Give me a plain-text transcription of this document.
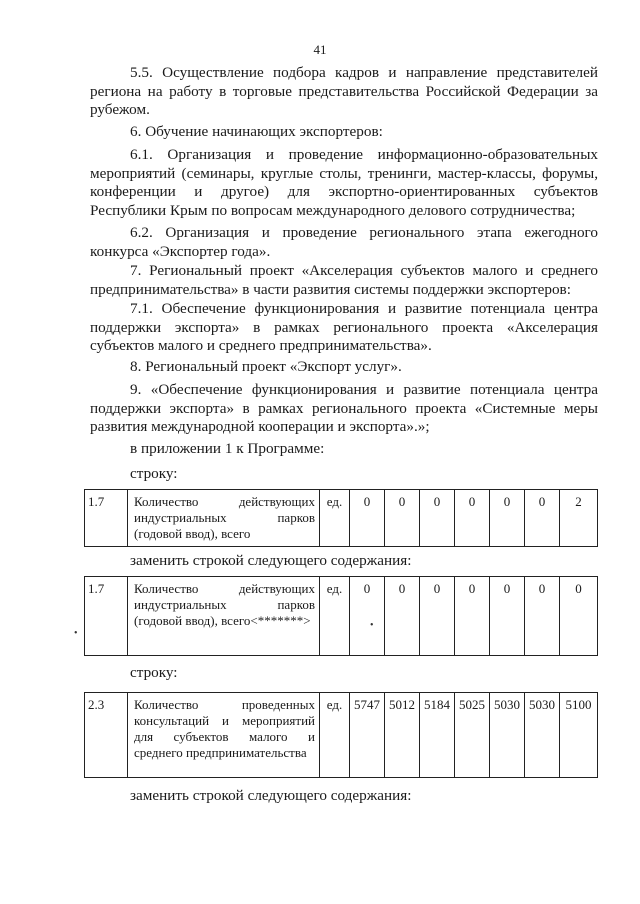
41

5.5. Осуществление подбора кадров и направление представителей региона на работу в торговые представительства Российской Федерации за рубежом.

6. Обучение начинающих экспортеров:

6.1. Организация и проведение информационно-образовательных мероприятий (семинары, круглые столы, тренинги, мастер-классы, форумы, конференции и другое) для экспортно-ориентированных субъектов Республики Крым по вопросам международного делового сотрудничества;

6.2. Организация и проведение регионального этапа ежегодного конкурса «Экспортер года».

7. Региональный проект «Акселерация субъектов малого и среднего предпринимательства» в части развития системы поддержки экспортеров:

7.1. Обеспечение функционирования и развитие потенциала центра поддержки экспорта» в рамках регионального проекта «Акселерация субъектов малого и среднего предпринимательства».

8. Региональный проект «Экспорт услуг».

9. «Обеспечение функционирования и развитие потенциала центра поддержки экспорта» в рамках регионального проекта «Системные меры развития международной кооперации и экспорта».»;

в приложении 1 к Программе:

строку:

1.7	Количество действующих индустриальных парков (годовой ввод), всего	ед.	0	0	0	0	0	0	2

заменить строкой следующего содержания:

1.7	Количество действующих индустриальных парков (годовой ввод), всего<*******>	ед.	0	0	0	0	0	0	0

строку:

2.3	Количество проведенных консультаций и мероприятий для субъектов малого и среднего предпринимательства	ед.	5747	5012	5184	5025	5030	5030	5100

заменить строкой следующего содержания:

•
•
